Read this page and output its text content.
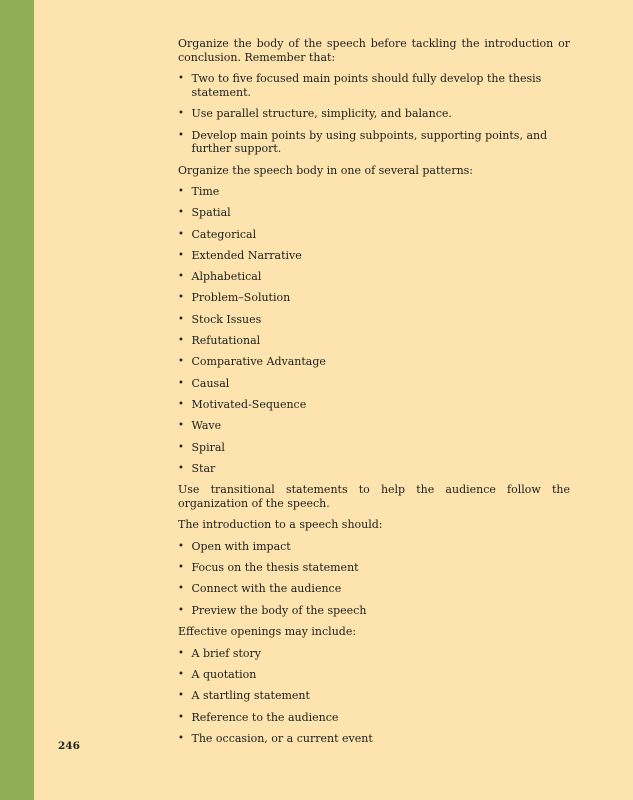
246

Organize the body of the speech before tackling the introduction or conclusion. Remember that:

• Two to five focused main points should fully develop the thesis statement.
• Use parallel structure, simplicity, and balance.
• Develop main points by using subpoints, supporting points, and further support.

Organize the speech body in one of several patterns:

• Time
• Spatial
• Categorical
• Extended Narrative
• Alphabetical
• Problem–Solution
• Stock Issues
• Refutational
• Comparative Advantage
• Causal
• Motivated-Sequence
• Wave
• Spiral
• Star

Use transitional statements to help the audience follow the organization of the speech.

The introduction to a speech should:

• Open with impact
• Focus on the thesis statement
• Connect with the audience
• Preview the body of the speech

Effective openings may include:

• A brief story
• A quotation
• A startling statement
• Reference to the audience
• The occasion, or a current event
